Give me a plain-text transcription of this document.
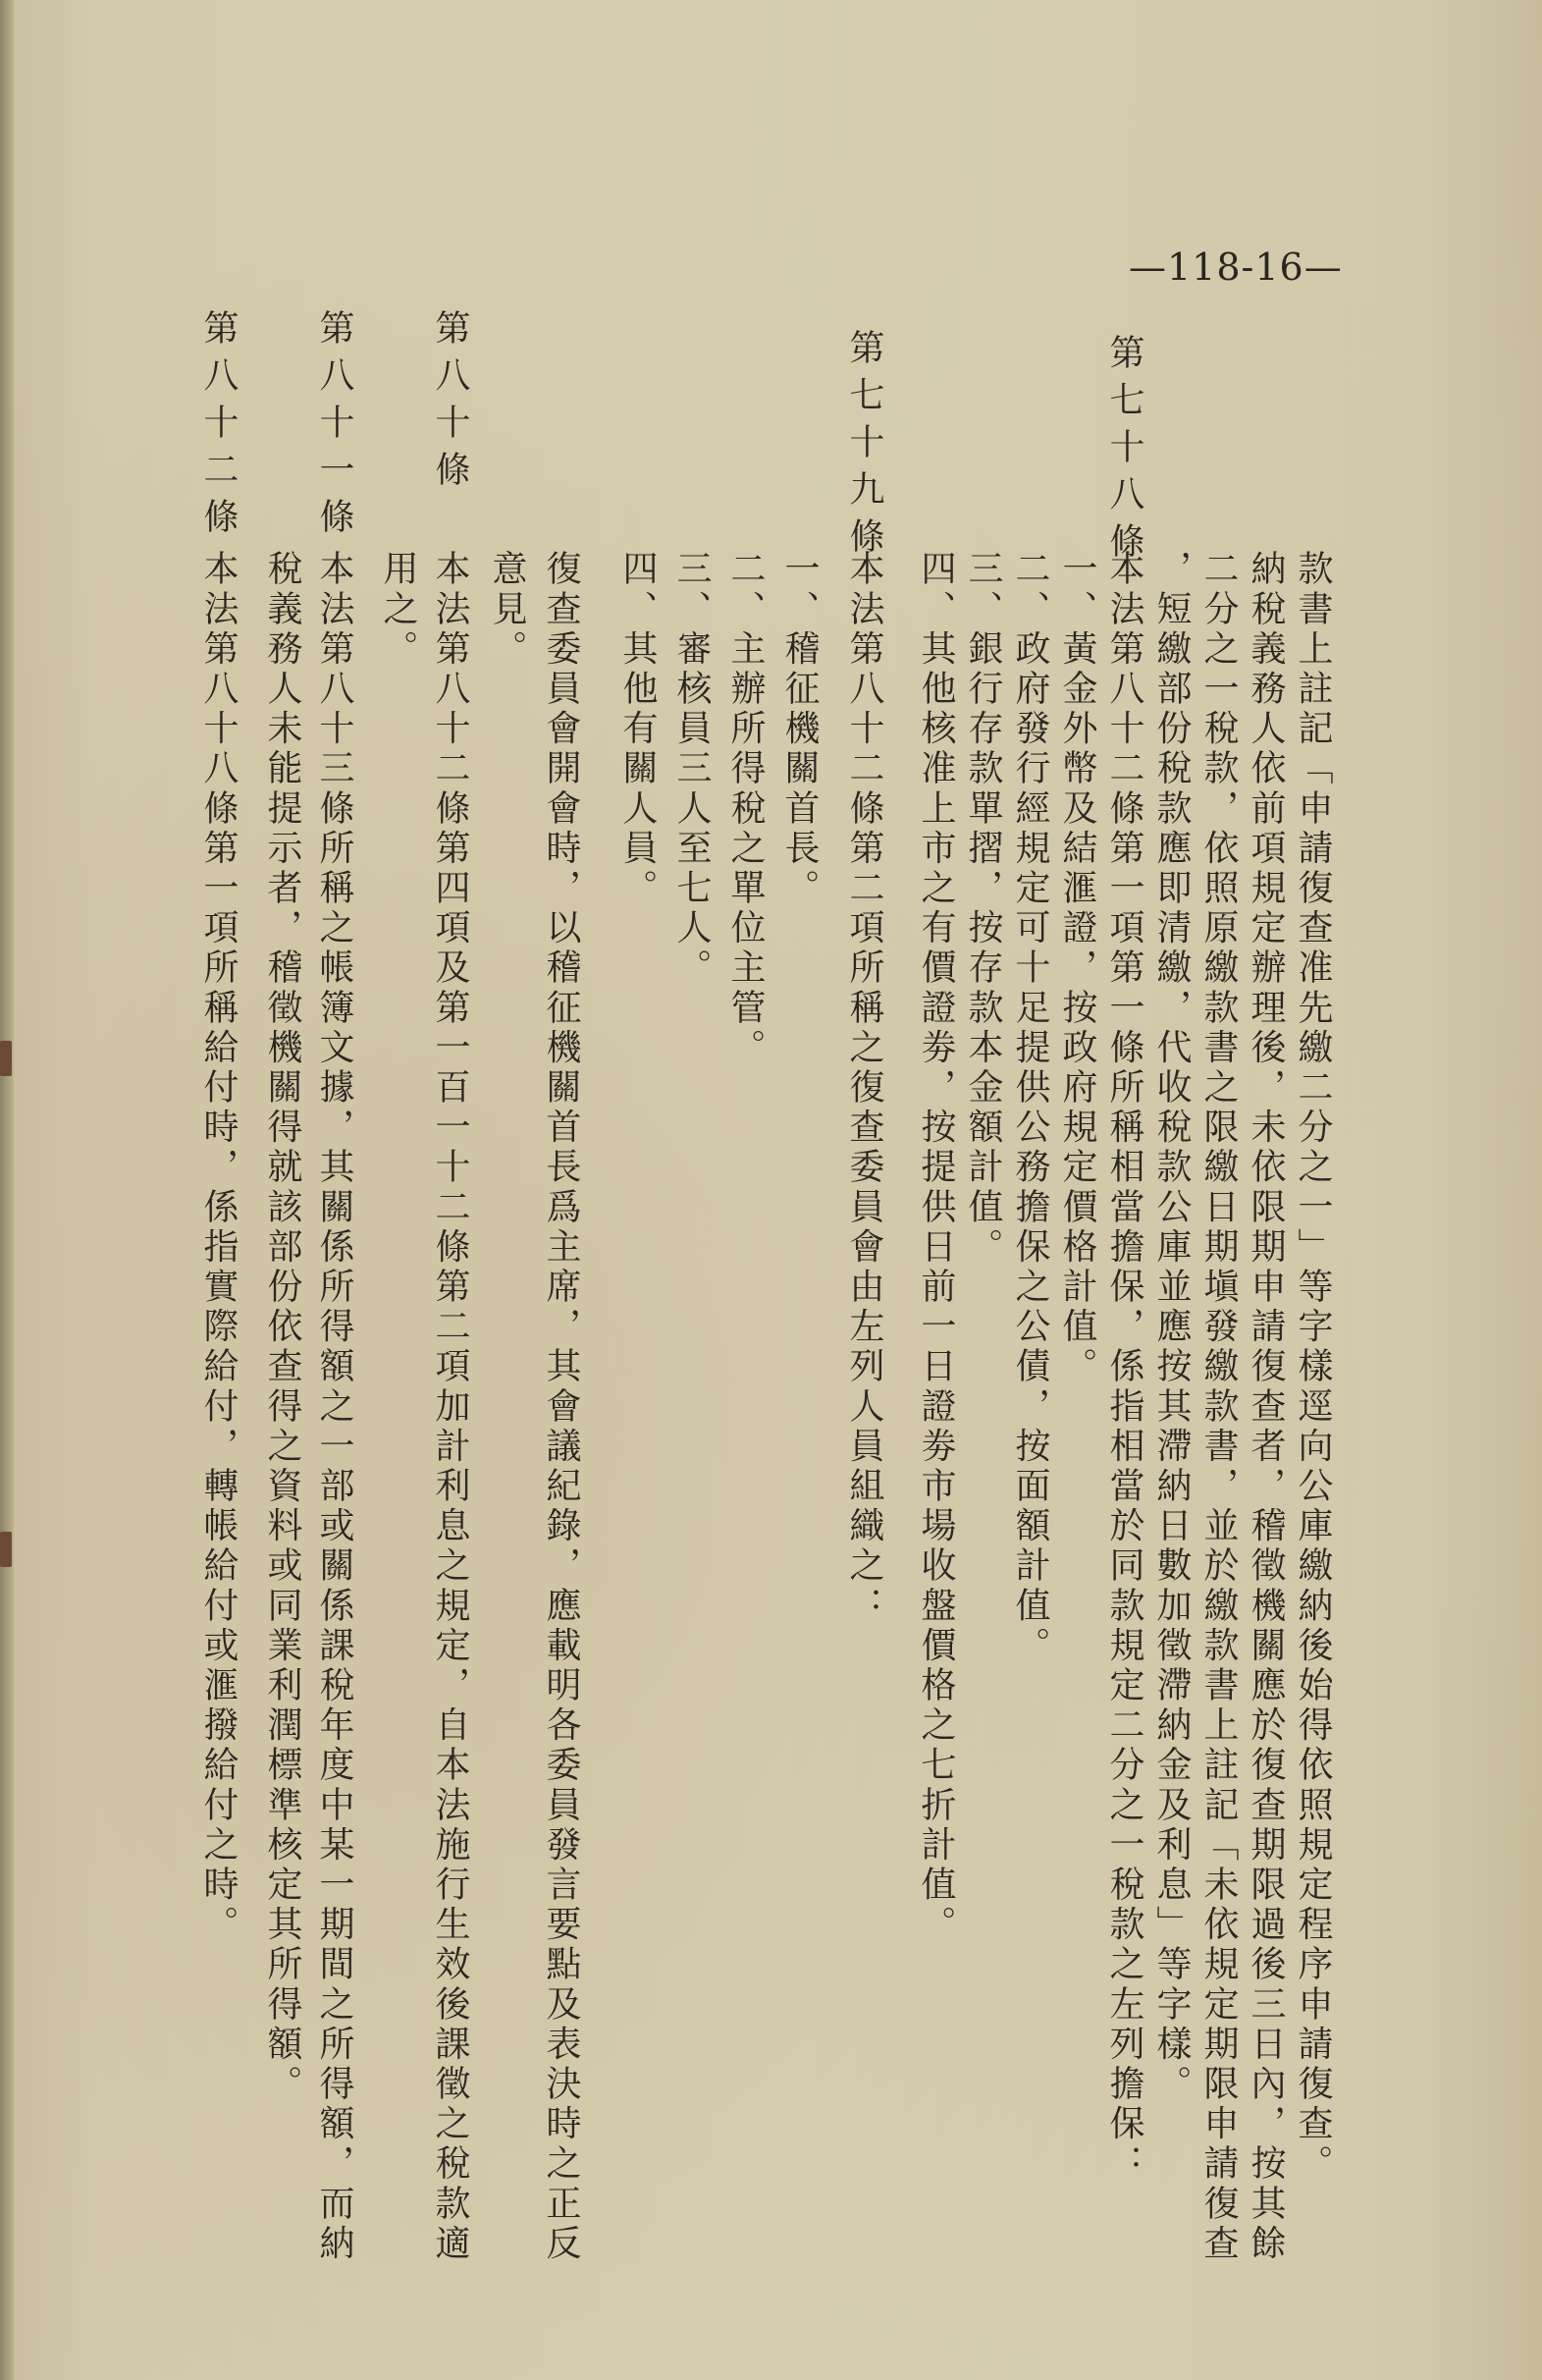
—118-16—
款書上註記「申請復查准先繳二分之一」等字樣逕向公庫繳納後始得依照規定程序申請復查。
納稅義務人依前項規定辦理後，未依限期申請復查者，稽徵機關應於復查期限過後三日內，按其餘
二分之一稅款，依照原繳款書之限繳日期塡發繳款書，並於繳款書上註記「未依規定期限申請復查
，短繳部份稅款應即清繳，代收稅款公庫並應按其滯納日數加徵滯納金及利息」等字樣。
第七十八條
本法第八十二條第一項第一條所稱相當擔保，係指相當於同款規定二分之一稅款之左列擔保：
一、黃金外幣及結滙證，按政府規定價格計值。
二、政府發行經規定可十足提供公務擔保之公債，按面額計值。
三、銀行存款單摺，按存款本金額計值。
四、其他核准上市之有價證劵，按提供日前一日證劵市場收盤價格之七折計值。
第七十九條
本法第八十二條第二項所稱之復查委員會由左列人員組織之：
一、稽征機關首長。
二、主辦所得稅之單位主管。
三、審核員三人至七人。
四、其他有關人員。
復查委員會開會時，以稽征機關首長爲主席，其會議紀錄，應載明各委員發言要點及表決時之正反
意見。
第八十條
本法第八十二條第四項及第一百一十二條第二項加計利息之規定，自本法施行生效後課徵之稅款適
用之。
第八十一條
本法第八十三條所稱之帳簿文據，其關係所得額之一部或關係課稅年度中某一期間之所得額，而納
稅義務人未能提示者，稽徵機關得就該部份依查得之資料或同業利潤標準核定其所得額。
第八十二條
本法第八十八條第一項所稱給付時，係指實際給付，轉帳給付或滙撥給付之時。
